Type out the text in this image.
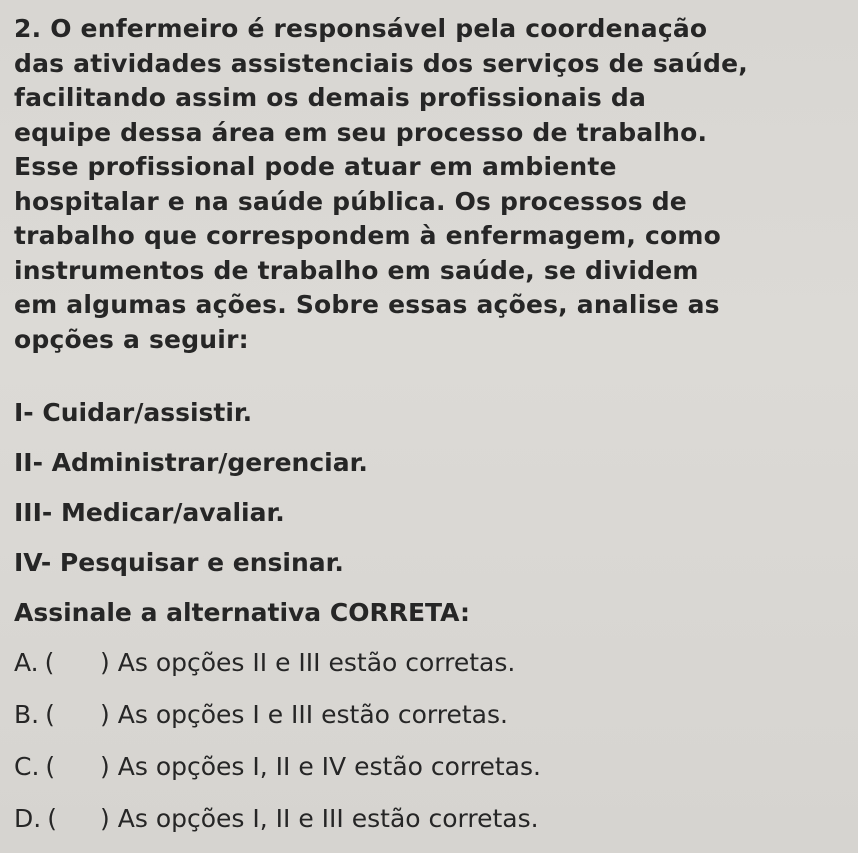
2. O enfermeiro é responsável pela coordenação
das atividades assistenciais dos serviços de saúde,
facilitando assim os demais profissionais da
equipe dessa área em seu processo de trabalho.
Esse profissional pode atuar em ambiente
hospitalar e na saúde pública. Os processos de
trabalho que correspondem à enfermagem, como
instrumentos de trabalho em saúde, se dividem
em algumas ações. Sobre essas ações, analise as
opções a seguir:

I- Cuidar/assistir.
II- Administrar/gerenciar.
III- Medicar/avaliar.
IV- Pesquisar e ensinar.
Assinale a alternativa CORRETA:
A. ( ) As opções II e III estão corretas.
B. ( ) As opções I e III estão corretas.
C. ( ) As opções I, II e IV estão corretas.
D. ( ) As opções I, II e III estão corretas.
